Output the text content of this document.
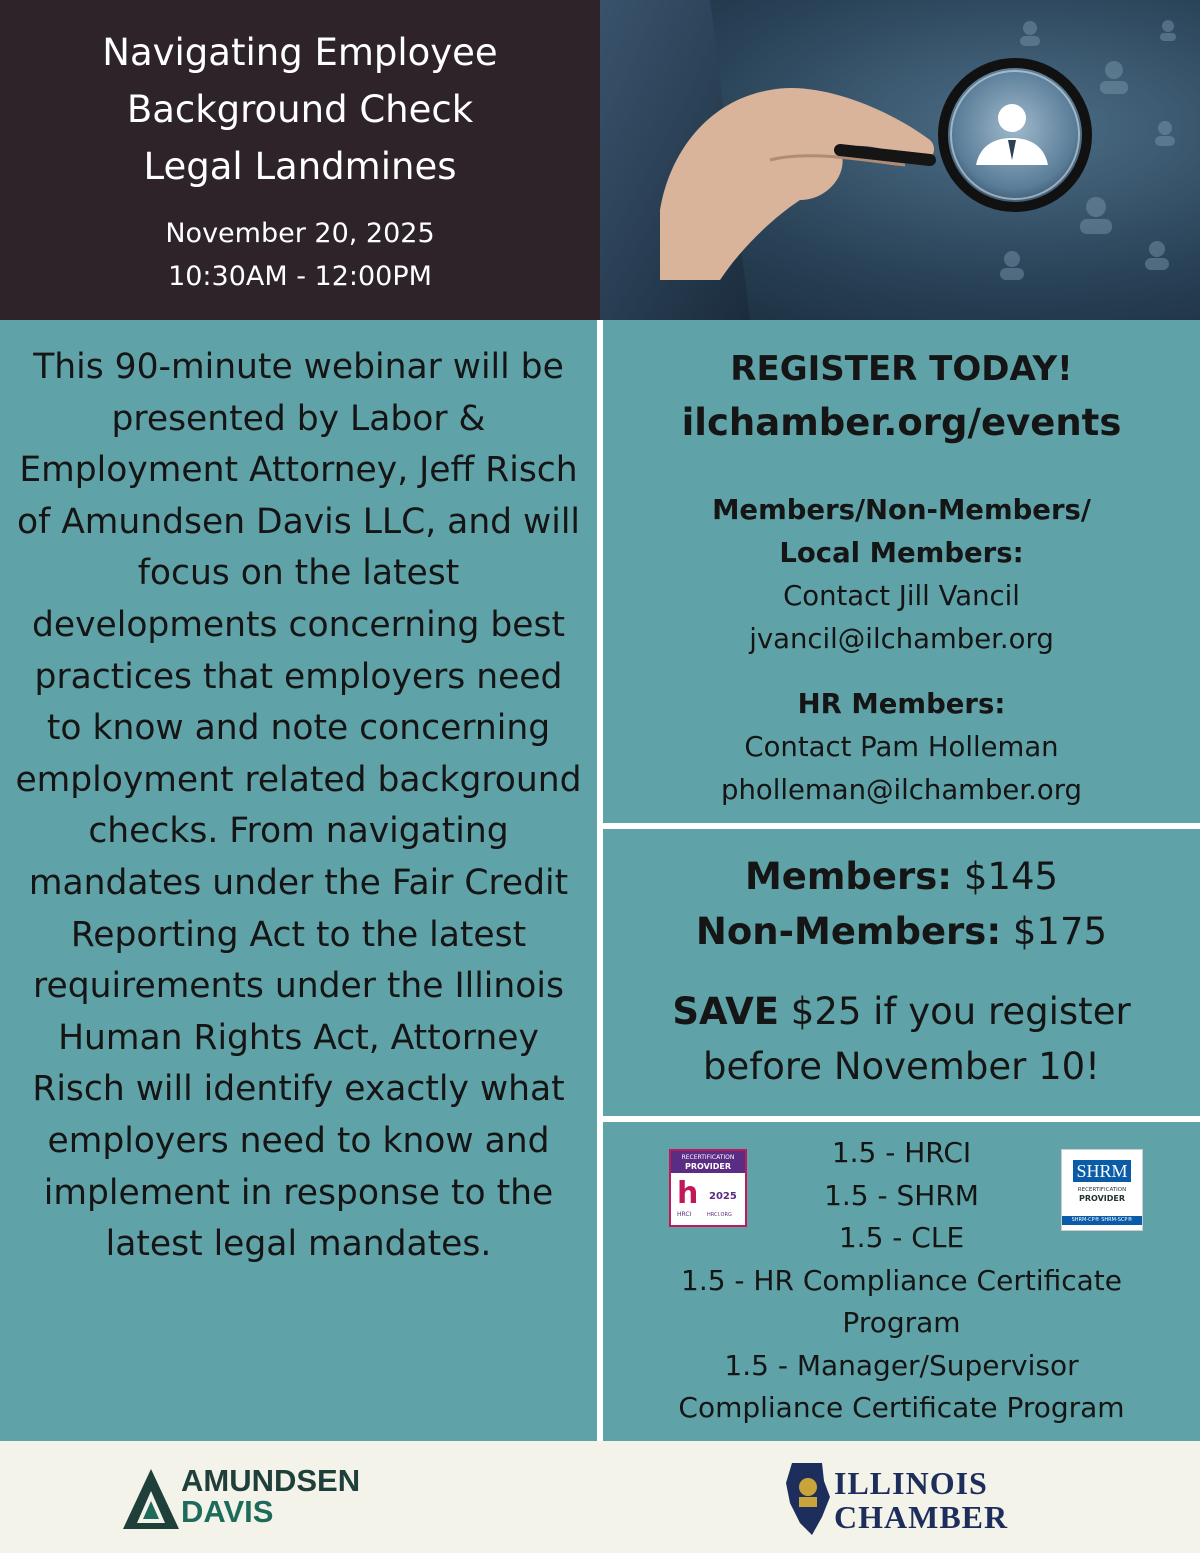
Navigating Employee
Background Check
Legal Landmines
November 20, 2025
10:30AM - 12:00PM
This 90-minute webinar will be presented by Labor & Employment Attorney, Jeff Risch of Amundsen Davis LLC, and will focus on the latest developments concerning best practices that employers need to know and note concerning employment related background checks. From navigating mandates under the Fair Credit Reporting Act to the latest requirements under the Illinois Human Rights Act, Attorney Risch will identify exactly what employers need to know and implement in response to the latest legal mandates.
REGISTER TODAY!
ilchamber.org/events
Members/Non-Members/ Local Members:
Contact Jill Vancil
jvancil@ilchamber.org
HR Members:
Contact Pam Holleman
pholleman@ilchamber.org
Members: $145
Non-Members: $175
SAVE $25 if you register
before November 10!
1.5 - HRCI
1.5 - SHRM
1.5 - CLE
1.5 - HR Compliance Certificate
Program
1.5 - Manager/Supervisor
Compliance Certificate Program
RECERTIFICATION
PROVIDER
h 2025
HRCI	HRCI.ORG
SHRM
RECERTIFICATION
PROVIDER
SHRM-CP® SHRM-SCP®
AMUNDSEN
DAVIS
ILLINOIS
CHAMBER
